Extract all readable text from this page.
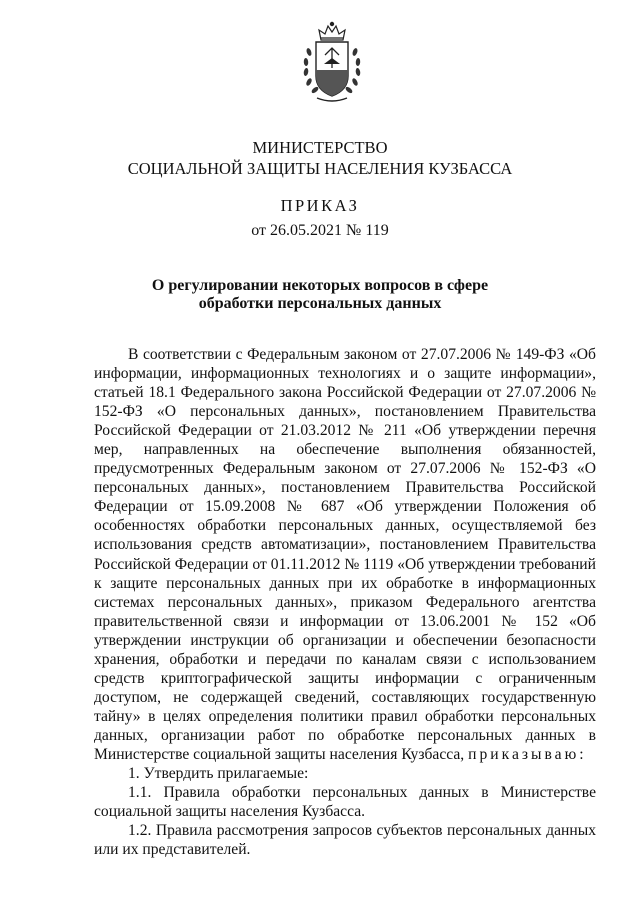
МИНИСТЕРСТВО
СОЦИАЛЬНОЙ ЗАЩИТЫ НАСЕЛЕНИЯ КУЗБАССА
ПРИКАЗ
от 26.05.2021 № 119
О регулировании некоторых вопросов в сфере
обработки персональных данных

В соответствии с Федеральным законом от 27.07.2006 № 149-ФЗ «Об информации, информационных технологиях и о защите информации», статьей 18.1 Федерального закона Российской Федерации от 27.07.2006 № 152-ФЗ «О персональных данных», постановлением Правительства Российской Федерации от 21.03.2012 № 211 «Об утверждении перечня мер, направленных на обеспечение выполнения обязанностей, предусмотренных Федеральным законом от 27.07.2006 № 152-ФЗ «О персональных данных», постановлением Правительства Российской Федерации от 15.09.2008 № 687 «Об утверждении Положения об особенностях обработки персональных данных, осуществляемой без использования средств автоматизации», постановлением Правительства Российской Федерации от 01.11.2012 № 1119 «Об утверждении требований к защите персональных данных при их обработке в информационных системах персональных данных», приказом Федерального агентства правительственной связи и информации от 13.06.2001 № 152 «Об утверждении инструкции об организации и обеспечении безопасности хранения, обработки и передачи по каналам связи с использованием средств криптографической защиты информации с ограниченным доступом, не содержащей сведений, составляющих государственную тайну» в целях определения политики правил обработки персональных данных, организации работ по обработке персональных данных в Министерстве социальной защиты населения Кузбасса, приказываю:

1. Утвердить прилагаемые:

1.1. Правила обработки персональных данных в Министерстве социальной защиты населения Кузбасса.

1.2. Правила рассмотрения запросов субъектов персональных данных или их представителей.
